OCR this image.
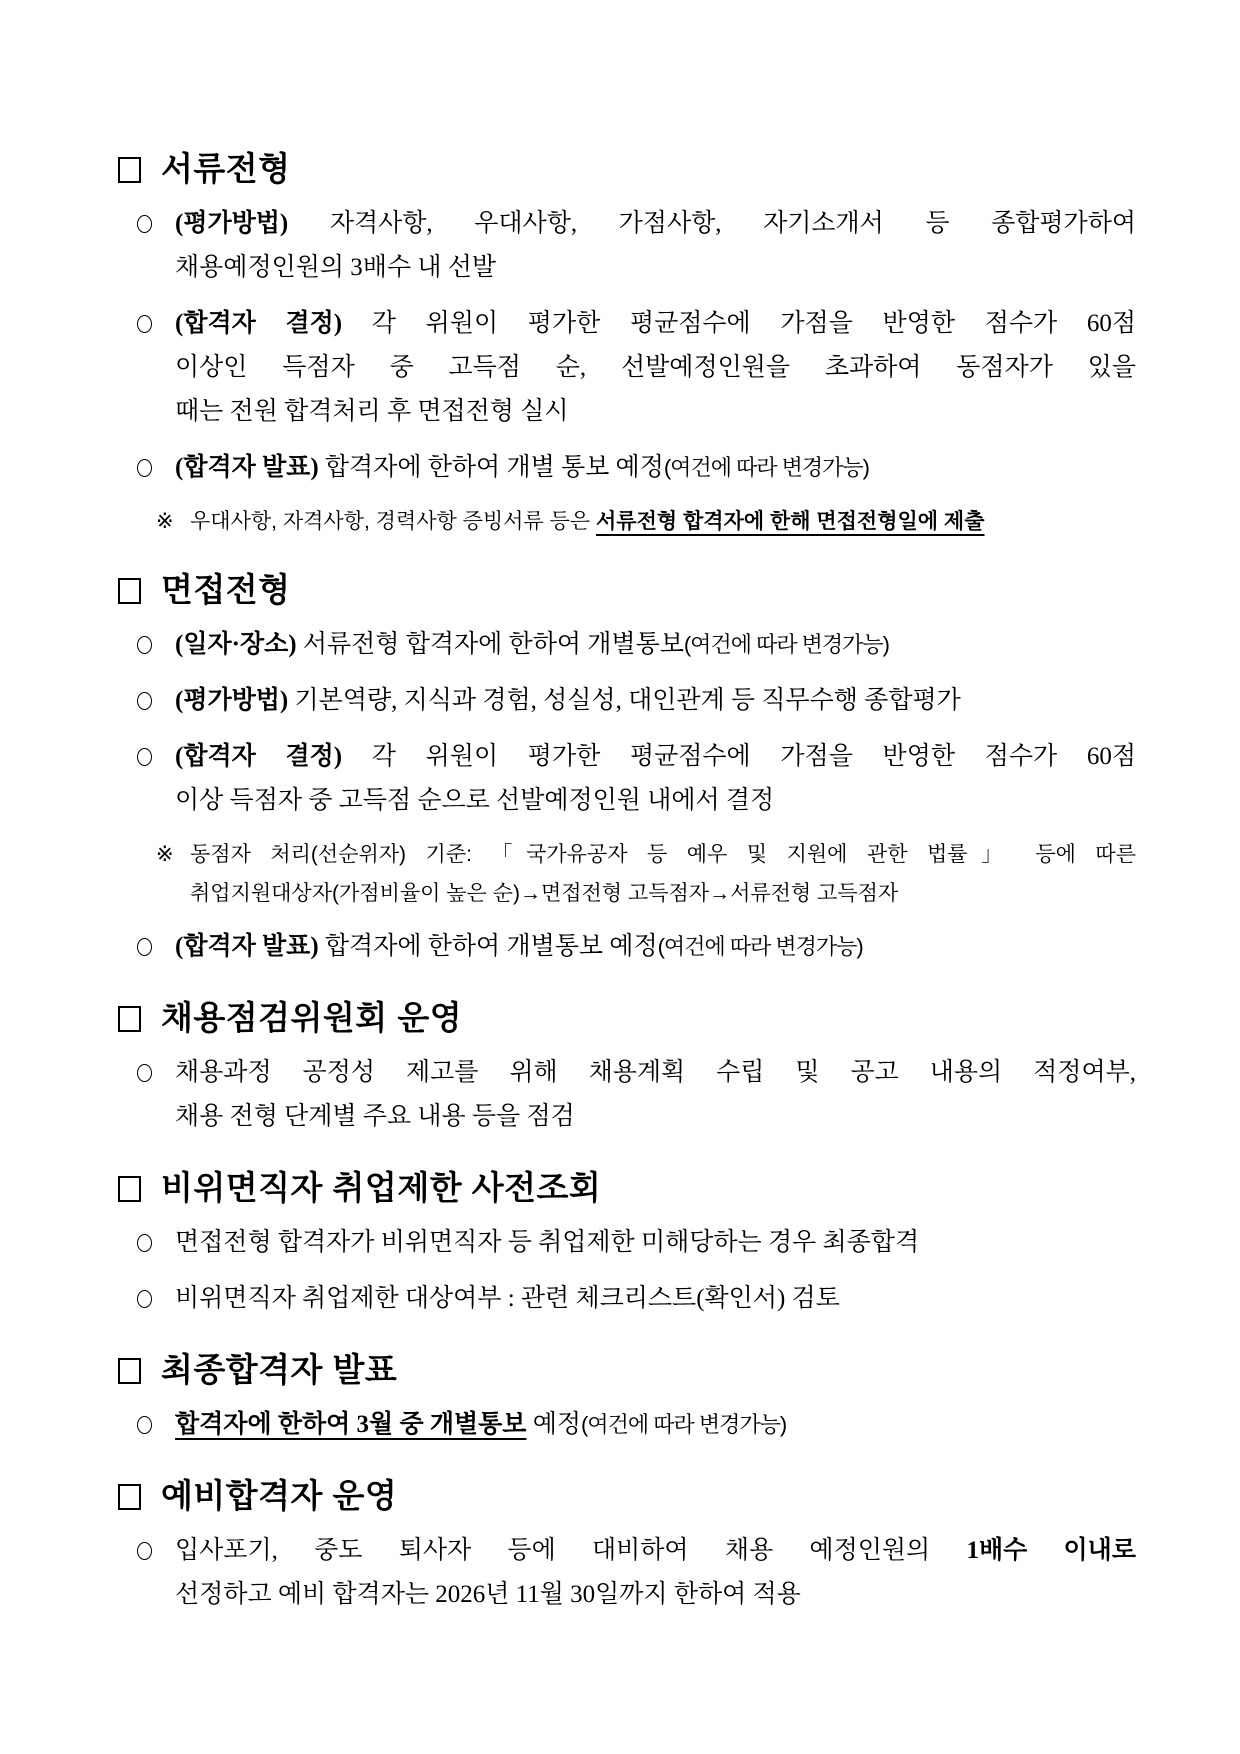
서류전형
(평가방법) 자격사항, 우대사항, 가점사항, 자기소개서 등 종합평가하여
채용예정인원의 3배수 내 선발
(합격자 결정) 각 위원이 평가한 평균점수에 가점을 반영한 점수가 60점
이상인 득점자 중 고득점 순, 선발예정인원을 초과하여 동점자가 있을
때는 전원 합격처리 후 면접전형 실시
(합격자 발표) 합격자에 한하여 개별 통보 예정(여건에 따라 변경가능)
※ 우대사항, 자격사항, 경력사항 증빙서류 등은 서류전형 합격자에 한해 면접전형일에 제출
면접전형
(일자·장소) 서류전형 합격자에 한하여 개별통보(여건에 따라 변경가능)
(평가방법) 기본역량, 지식과 경험, 성실성, 대인관계 등 직무수행 종합평가
(합격자 결정) 각 위원이 평가한 평균점수에 가점을 반영한 점수가 60점
이상 득점자 중 고득점 순으로 선발예정인원 내에서 결정
※ 동점자 처리(선순위자) 기준: 「국가유공자 등 예우 및 지원에 관한 법률」 등에 따른
취업지원대상자(가점비율이 높은 순)→면접전형 고득점자→서류전형 고득점자
(합격자 발표) 합격자에 한하여 개별통보 예정(여건에 따라 변경가능)
채용점검위원회 운영
채용과정 공정성 제고를 위해 채용계획 수립 및 공고 내용의 적정여부,
채용 전형 단계별 주요 내용 등을 점검
비위면직자 취업제한 사전조회
면접전형 합격자가 비위면직자 등 취업제한 미해당하는 경우 최종합격
비위면직자 취업제한 대상여부 : 관련 체크리스트(확인서) 검토
최종합격자 발표
합격자에 한하여 3월 중 개별통보 예정(여건에 따라 변경가능)
예비합격자 운영
입사포기, 중도 퇴사자 등에 대비하여 채용 예정인원의 1배수 이내로
선정하고 예비 합격자는 2026년 11월 30일까지 한하여 적용
